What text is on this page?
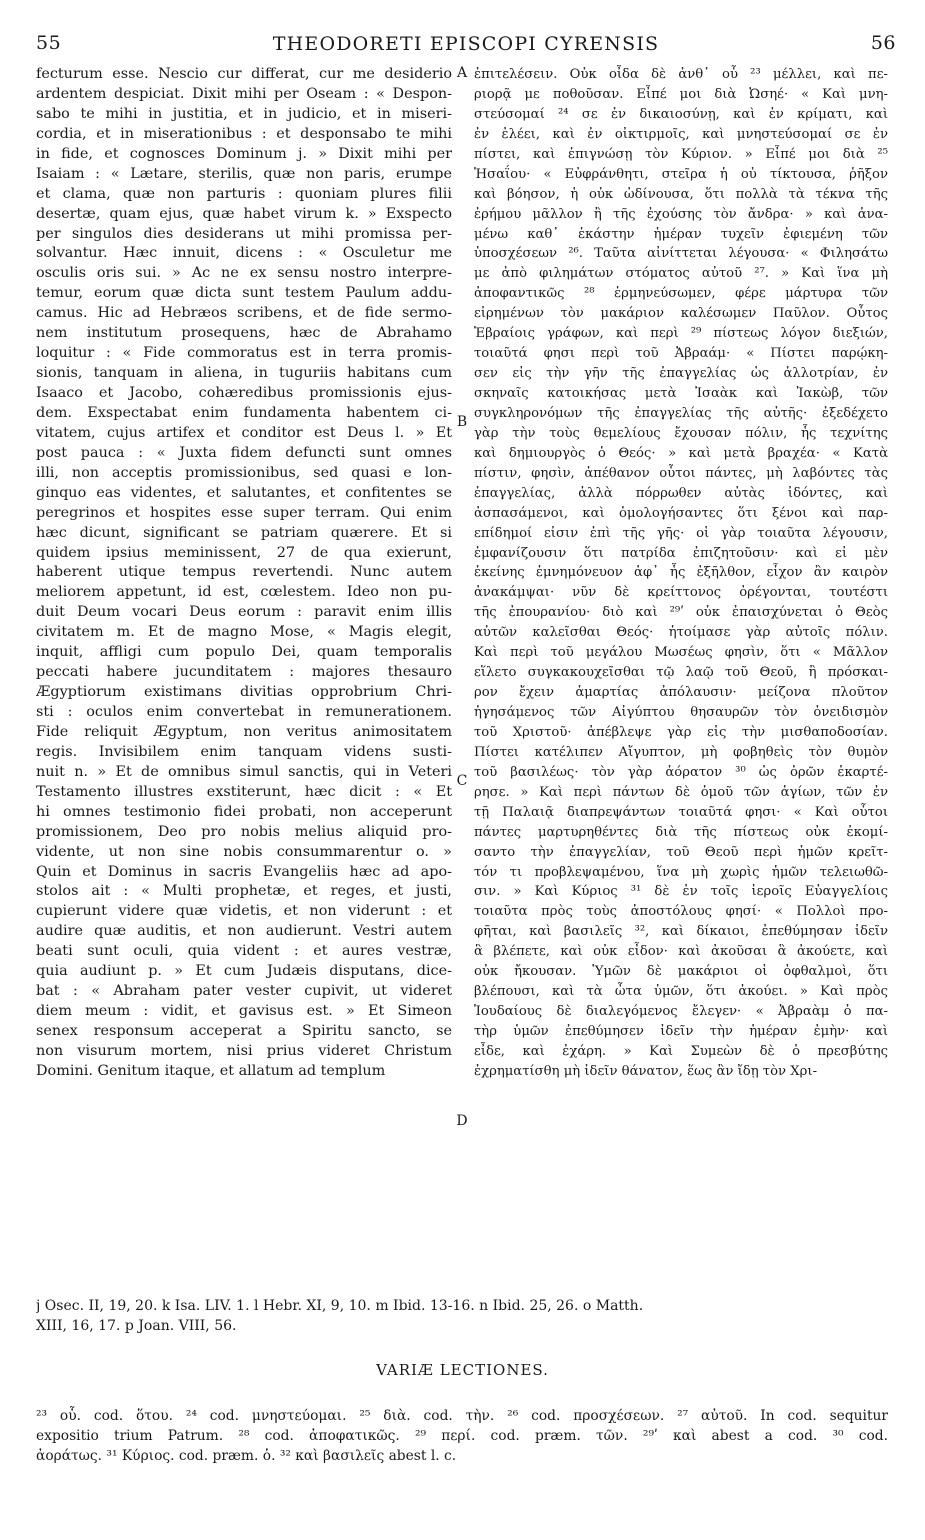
55	THEODORETI EPISCOPI CYRENSIS	56
fecturum esse. Nescio cur differat, cur me desiderio
ardentem despiciat. Dixit mihi per Oseam : « Despon-
sabo te mihi in justitia, et in judicio, et in miseri-
cordia, et in miserationibus : et desponsabo te mihi
in fide, et cognosces Dominum j. » Dixit mihi per
Isaiam : « Lætare, sterilis, quæ non paris, erumpe
et clama, quæ non parturis : quoniam plures filii
desertæ, quam ejus, quæ habet virum k. » Exspecto
per singulos dies desiderans ut mihi promissa per-
solvantur. Hæc innuit, dicens : « Osculetur me
osculis oris sui. » Ac ne ex sensu nostro interpre-
temur, eorum quæ dicta sunt testem Paulum addu-
camus. Hic ad Hebræos scribens, et de fide sermo-
nem institutum prosequens, hæc de Abrahamo
loquitur : « Fide commoratus est in terra promis-
sionis, tanquam in aliena, in tuguriis habitans cum
Isaaco et Jacobo, cohæredibus promissionis ejus-
dem. Exspectabat enim fundamenta habentem ci-
vitatem, cujus artifex et conditor est Deus l. » Et
post pauca : « Juxta fidem defuncti sunt omnes
illi, non acceptis promissionibus, sed quasi e lon-
ginquo eas videntes, et salutantes, et confitentes se
peregrinos et hospites esse super terram. Qui enim
hæc dicunt, significant se patriam quærere. Et si
quidem ipsius meminissent, 27 de qua exierunt,
haberent utique tempus revertendi. Nunc autem
meliorem appetunt, id est, cœlestem. Ideo non pu-
duit Deum vocari Deus eorum : paravit enim illis
civitatem m. Et de magno Mose, « Magis elegit,
inquit, affligi cum populo Dei, quam temporalis
peccati habere jucunditatem : majores thesauro
Ægyptiorum existimans divitias opprobrium Chri-
sti : oculos enim convertebat in remunerationem.
Fide reliquit Ægyptum, non veritus animositatem
regis. Invisibilem enim tanquam videns susti-
nuit n. » Et de omnibus simul sanctis, qui in Veteri
Testamento illustres exstiterunt, hæc dicit : « Et
hi omnes testimonio fidei probati, non acceperunt
promissionem, Deo pro nobis melius aliquid pro-
vidente, ut non sine nobis consummarentur o. »
Quin et Dominus in sacris Evangeliis hæc ad apo-
stolos ait : « Multi prophetæ, et reges, et justi,
cupierunt videre quæ videtis, et non viderunt : et
audire quæ auditis, et non audierunt. Vestri autem
beati sunt oculi, quia vident : et aures vestræ,
quia audiunt p. » Et cum Judæis disputans, dice-
bat : « Abraham pater vester cupivit, ut videret
diem meum : vidit, et gavisus est. » Et Simeon
senex responsum acceperat a Spiritu sancto, se
non visurum mortem, nisi prius videret Christum
Domini. Genitum itaque, et allatum ad templum
ἐπιτελέσειν. Οὐκ οἶδα δὲ ἀνθ᾽ οὗ ²³ μέλλει, καὶ πε-
ριορᾷ με ποθοῦσαν. Εἶπέ μοι διὰ Ὠσηέ· « Καὶ μνη-
στεύσομαί ²⁴ σε ἐν δικαιοσύνῃ, καὶ ἐν κρίματι, καὶ
ἐν ἐλέει, καὶ ἐν οἰκτιρμοῖς, καὶ μνηστεύσομαί σε ἐν
πίστει, καὶ ἐπιγνώσῃ τὸν Κύριον. » Εἶπέ μοι διὰ ²⁵
Ἡσαΐου· « Εὐφράνθητι, στεῖρα ἡ οὐ τίκτουσα, ῥῆξον
καὶ βόησον, ἡ οὐκ ὠδίνουσα, ὅτι πολλὰ τὰ τέκνα τῆς
ἐρήμου μᾶλλον ἢ τῆς ἐχούσης τὸν ἄνδρα· » καὶ ἀνα-
μένω καθ᾽ ἑκάστην ἡμέραν τυχεῖν ἐφιεμένη τῶν
ὑποσχέσεων ²⁶. Ταῦτα αἰνίττεται λέγουσα· « Φιλησάτω
με ἀπὸ φιλημάτων στόματος αὐτοῦ ²⁷. » Καὶ ἵνα μὴ
ἀποφαντικῶς ²⁸ ἑρμηνεύσωμεν, φέρε μάρτυρα τῶν
εἰρημένων τὸν μακάριον καλέσωμεν Παῦλον. Οὗτος
Ἑβραίοις γράφων, καὶ περὶ ²⁹ πίστεως λόγον διεξιών,
τοιαῦτά φησι περὶ τοῦ Ἀβραάμ· « Πίστει παρῴκη-
σεν εἰς τὴν γῆν τῆς ἐπαγγελίας ὡς ἀλλοτρίαν, ἐν
σκηναῖς κατοικήσας μετὰ Ἰσαὰκ καὶ Ἰακὼβ, τῶν
συγκληρονόμων τῆς ἐπαγγελίας τῆς αὐτῆς· ἐξεδέχετο
γὰρ τὴν τοὺς θεμελίους ἔχουσαν πόλιν, ἧς τεχνίτης
καὶ δημιουργὸς ὁ Θεός· » καὶ μετὰ βραχέα· « Κατὰ
πίστιν, φησὶν, ἀπέθανον οὗτοι πάντες, μὴ λαβόντες τὰς
ἐπαγγελίας, ἀλλὰ πόρρωθεν αὐτὰς ἰδόντες, καὶ
ἀσπασάμενοι, καὶ ὁμολογήσαντες ὅτι ξένοι καὶ παρ-
επίδημοί εἰσιν ἐπὶ τῆς γῆς· οἱ γὰρ τοιαῦτα λέγουσιν,
ἐμφανίζουσιν ὅτι πατρίδα ἐπιζητοῦσιν· καὶ εἰ μὲν
ἐκείνης ἐμνημόνευον ἀφ᾽ ἧς ἐξῆλθον, εἶχον ἂν καιρὸν
ἀνακάμψαι· νῦν δὲ κρείττονος ὀρέγονται, τουτέστι
τῆς ἐπουρανίου· διὸ καὶ ²⁹ʹ οὐκ ἐπαισχύνεται ὁ Θεὸς
αὐτῶν καλεῖσθαι Θεός· ἡτοίμασε γὰρ αὐτοῖς πόλιν.
Καὶ περὶ τοῦ μεγάλου Μωσέως φησὶν, ὅτι « Μᾶλλον
εἵλετο συγκακουχεῖσθαι τῷ λαῷ τοῦ Θεοῦ, ἢ πρόσκαι-
ρον ἔχειν ἁμαρτίας ἀπόλαυσιν· μείζονα πλοῦτον
ἡγησάμενος τῶν Αἰγύπτου θησαυρῶν τὸν ὀνειδισμὸν
τοῦ Χριστοῦ· ἀπέβλεψε γὰρ εἰς τὴν μισθαποδοσίαν.
Πίστει κατέλιπεν Αἴγυπτον, μὴ φοβηθεὶς τὸν θυμὸν
τοῦ βασιλέως· τὸν γὰρ ἀόρατον ³⁰ ὡς ὁρῶν ἐκαρτέ-
ρησε. » Καὶ περὶ πάντων δὲ ὁμοῦ τῶν ἁγίων, τῶν ἐν
τῇ Παλαιᾷ διαπρεψάντων τοιαῦτά φησι· « Καὶ οὗτοι
πάντες μαρτυρηθέντες διὰ τῆς πίστεως οὐκ ἐκομί-
σαντο τὴν ἐπαγγελίαν, τοῦ Θεοῦ περὶ ἡμῶν κρεῖτ-
τόν τι προβλεψαμένου, ἵνα μὴ χωρὶς ἡμῶν τελειωθῶ-
σιν. » Καὶ Κύριος ³¹ δὲ ἐν τοῖς ἱεροῖς Εὐαγγελίοις
τοιαῦτα πρὸς τοὺς ἀποστόλους φησί· « Πολλοὶ προ-
φῆται, καὶ βασιλεῖς ³², καὶ δίκαιοι, ἐπεθύμησαν ἰδεῖν
ἃ βλέπετε, καὶ οὐκ εἶδον· καὶ ἀκοῦσαι ἃ ἀκούετε, καὶ
οὐκ ἤκουσαν. Ὑμῶν δὲ μακάριοι οἱ ὀφθαλμοὶ, ὅτι
βλέπουσι, καὶ τὰ ὦτα ὑμῶν, ὅτι ἀκούει. » Καὶ πρὸς
Ἰουδαίους δὲ διαλεγόμενος ἔλεγεν· « Ἀβραὰμ ὁ πα-
τὴρ ὑμῶν ἐπεθύμησεν ἰδεῖν τὴν ἡμέραν ἐμὴν· καὶ
εἶδε, καὶ ἐχάρη. » Καὶ Συμεὼν δὲ ὁ πρεσβύτης
ἐχρηματίσθη μὴ ἰδεῖν θάνατον, ἕως ἂν ἴδῃ τὸν Χρι-
A
B
C
D
j Osec. II, 19, 20. k Isa. LIV. 1. l Hebr. XI, 9, 10. m Ibid. 13-16. n Ibid. 25, 26. o Matth.
XIII, 16, 17. p Joan. VIII, 56.
VARIÆ LECTIONES.
²³ οὗ. cod. ὅτου. ²⁴ cod. μνηστεύομαι. ²⁵ διὰ. cod. τὴν. ²⁶ cod. προσχέσεων. ²⁷ αὐτοῦ. In cod. sequitur
expositio trium Patrum. ²⁸ cod. ἀποφατικῶς. ²⁹ περί. cod. præm. τῶν. ²⁹ʹ καὶ abest a cod. ³⁰ cod.
ἀοράτως. ³¹ Κύριος. cod. præm. ὁ. ³² καὶ βασιλεῖς abest l. c.
